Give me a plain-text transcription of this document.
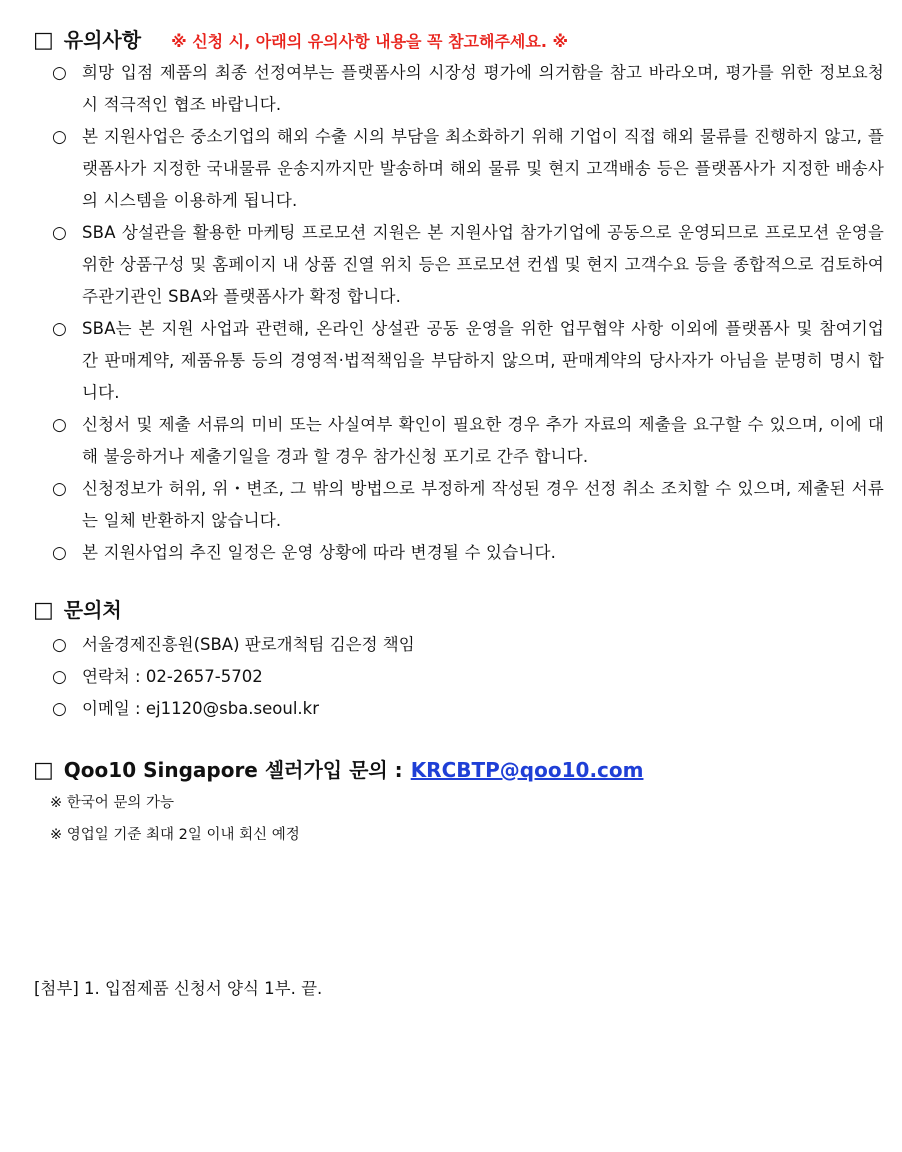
□ 유의사항 ※ 신청 시, 아래의 유의사항 내용을 꼭 참고해주세요. ※
○ 희망 입점 제품의 최종 선정여부는 플랫폼사의 시장성 평가에 의거함을 참고 바라오며, 평가를 위한 정보요청 시 적극적인 협조 바랍니다.
○ 본 지원사업은 중소기업의 해외 수출 시의 부담을 최소화하기 위해 기업이 직접 해외 물류를 진행하지 않고, 플랫폼사가 지정한 국내물류 운송지까지만 발송하며 해외 물류 및 현지 고객배송 등은 플랫폼사가 지정한 배송사의 시스템을 이용하게 됩니다.
○ SBA 상설관을 활용한 마케팅 프로모션 지원은 본 지원사업 참가기업에 공동으로 운영되므로 프로모션 운영을 위한 상품구성 및 홈페이지 내 상품 진열 위치 등은 프로모션 컨셉 및 현지 고객수요 등을 종합적으로 검토하여 주관기관인 SBA와 플랫폼사가 확정 합니다.
○ SBA는 본 지원 사업과 관련해, 온라인 상설관 공동 운영을 위한 업무협약 사항 이외에 플랫폼사 및 참여기업 간 판매계약, 제품유통 등의 경영적·법적책임을 부담하지 않으며, 판매계약의 당사자가 아님을 분명히 명시 합니다.
○ 신청서 및 제출 서류의 미비 또는 사실여부 확인이 필요한 경우 추가 자료의 제출을 요구할 수 있으며, 이에 대해 불응하거나 제출기일을 경과 할 경우 참가신청 포기로 간주 합니다.
○ 신청정보가 허위, 위・변조, 그 밖의 방법으로 부정하게 작성된 경우 선정 취소 조치할 수 있으며, 제출된 서류는 일체 반환하지 않습니다.
○ 본 지원사업의 추진 일정은 운영 상황에 따라 변경될 수 있습니다.
□ 문의처
○ 서울경제진흥원(SBA) 판로개척팀 김은정 책임
○ 연락처 : 02-2657-5702
○ 이메일 : ej1120@sba.seoul.kr
□ Qoo10 Singapore 셀러가입 문의 : KRCBTP@qoo10.com
※ 한국어 문의 가능
※ 영업일 기준 최대 2일 이내 회신 예정
[첨부] 1. 입점제품 신청서 양식 1부. 끝.
